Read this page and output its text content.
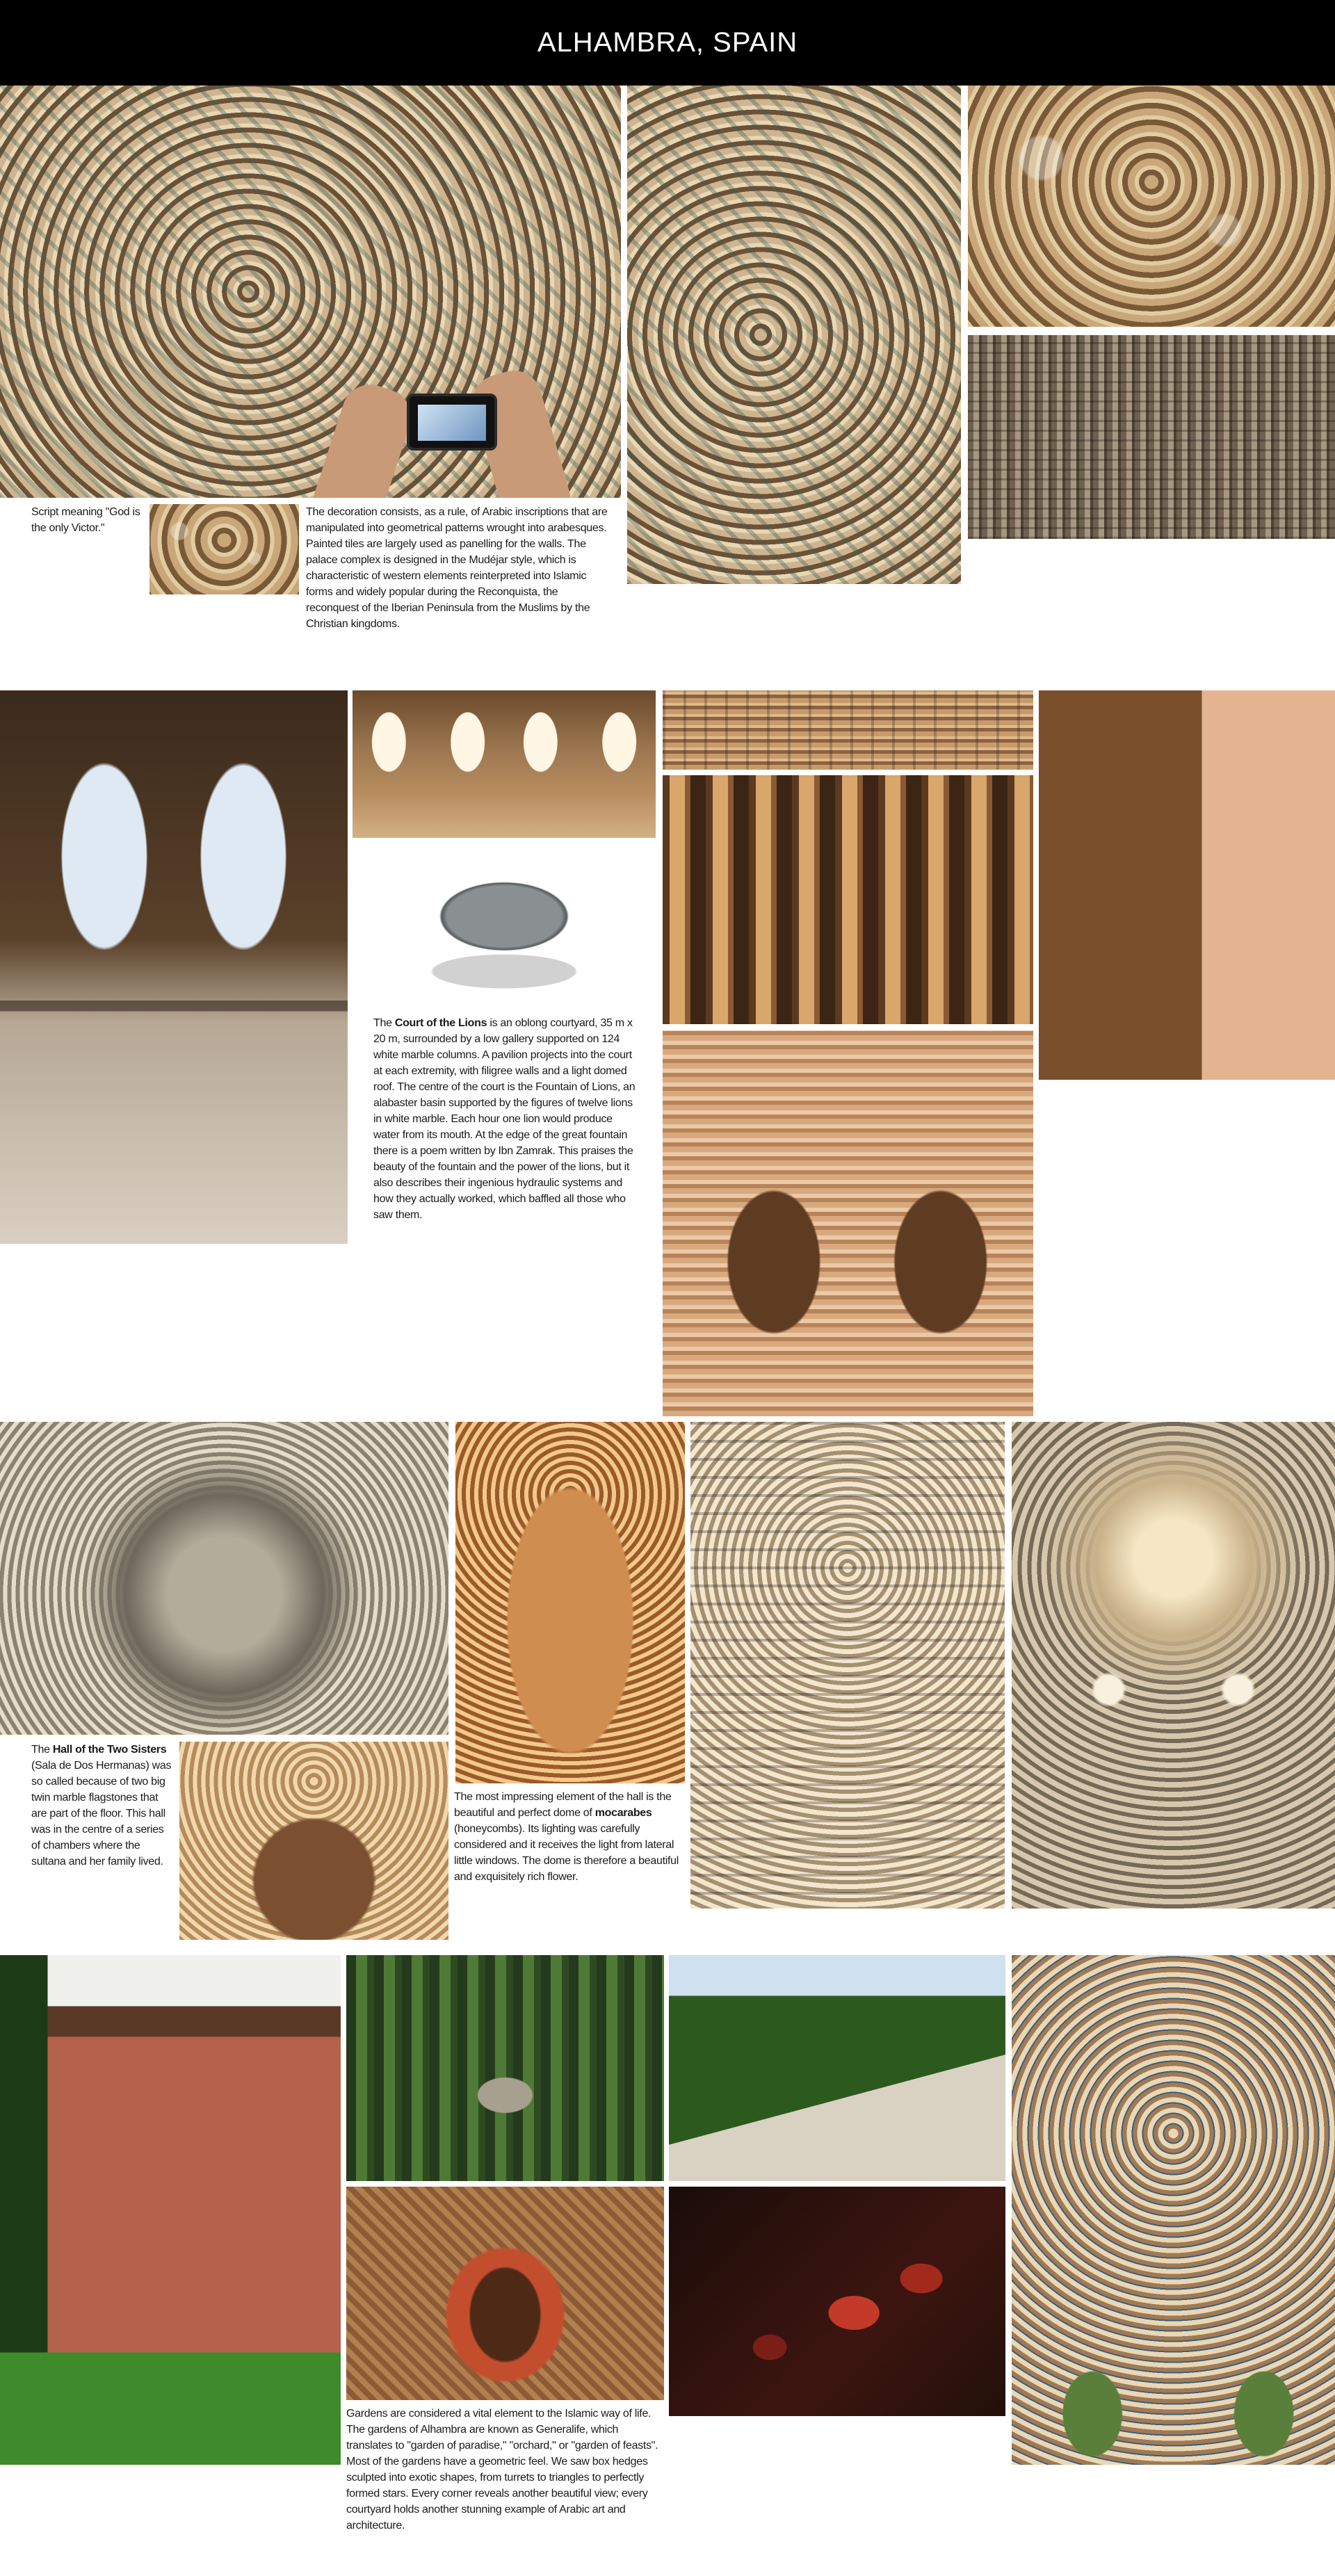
ALHAMBRA, SPAIN
Script meaning "God is the only Victor."
The decoration consists, as a rule, of Arabic inscriptions that are manipulated into geometrical patterns wrought into arabesques. Painted tiles are largely used as panelling for the walls. The palace complex is designed in the Mudéjar style, which is characteristic of western elements reinterpreted into Islamic forms and widely popular during the Reconquista, the reconquest of the Iberian Peninsula from the Muslims by the Christian kingdoms.
The Court of the Lions is an oblong courtyard, 35 m x 20 m, surrounded by a low gallery supported on 124 white marble columns. A pavilion projects into the court at each extremity, with filigree walls and a light domed roof. The centre of the court is the Fountain of Lions, an alabaster basin supported by the figures of twelve lions in white marble. Each hour one lion would produce water from its mouth. At the edge of the great fountain there is a poem written by Ibn Zamrak. This praises the beauty of the fountain and the power of the lions, but it also describes their ingenious hydraulic systems and how they actually worked, which baffled all those who saw them.
The Hall of the Two Sisters (Sala de Dos Hermanas) was so called because of two big twin marble flagstones that are part of the floor. This hall was in the centre of a series of chambers where the sultana and her family lived.
The most impressing element of the hall is the beautiful and perfect dome of mocarabes (honeycombs). Its lighting was carefully considered and it receives the light from lateral little windows. The dome is therefore a beautiful and exquisitely rich flower.
Gardens are considered a vital element to the Islamic way of life. The gardens of Alhambra are known as Generalife, which translates to "garden of paradise," "orchard," or "garden of feasts". Most of the gardens have a geometric feel. We saw box hedges sculpted into exotic shapes, from turrets to triangles to perfectly formed stars. Every corner reveals another beautiful view; every courtyard holds another stunning example of Arabic art and architecture.
